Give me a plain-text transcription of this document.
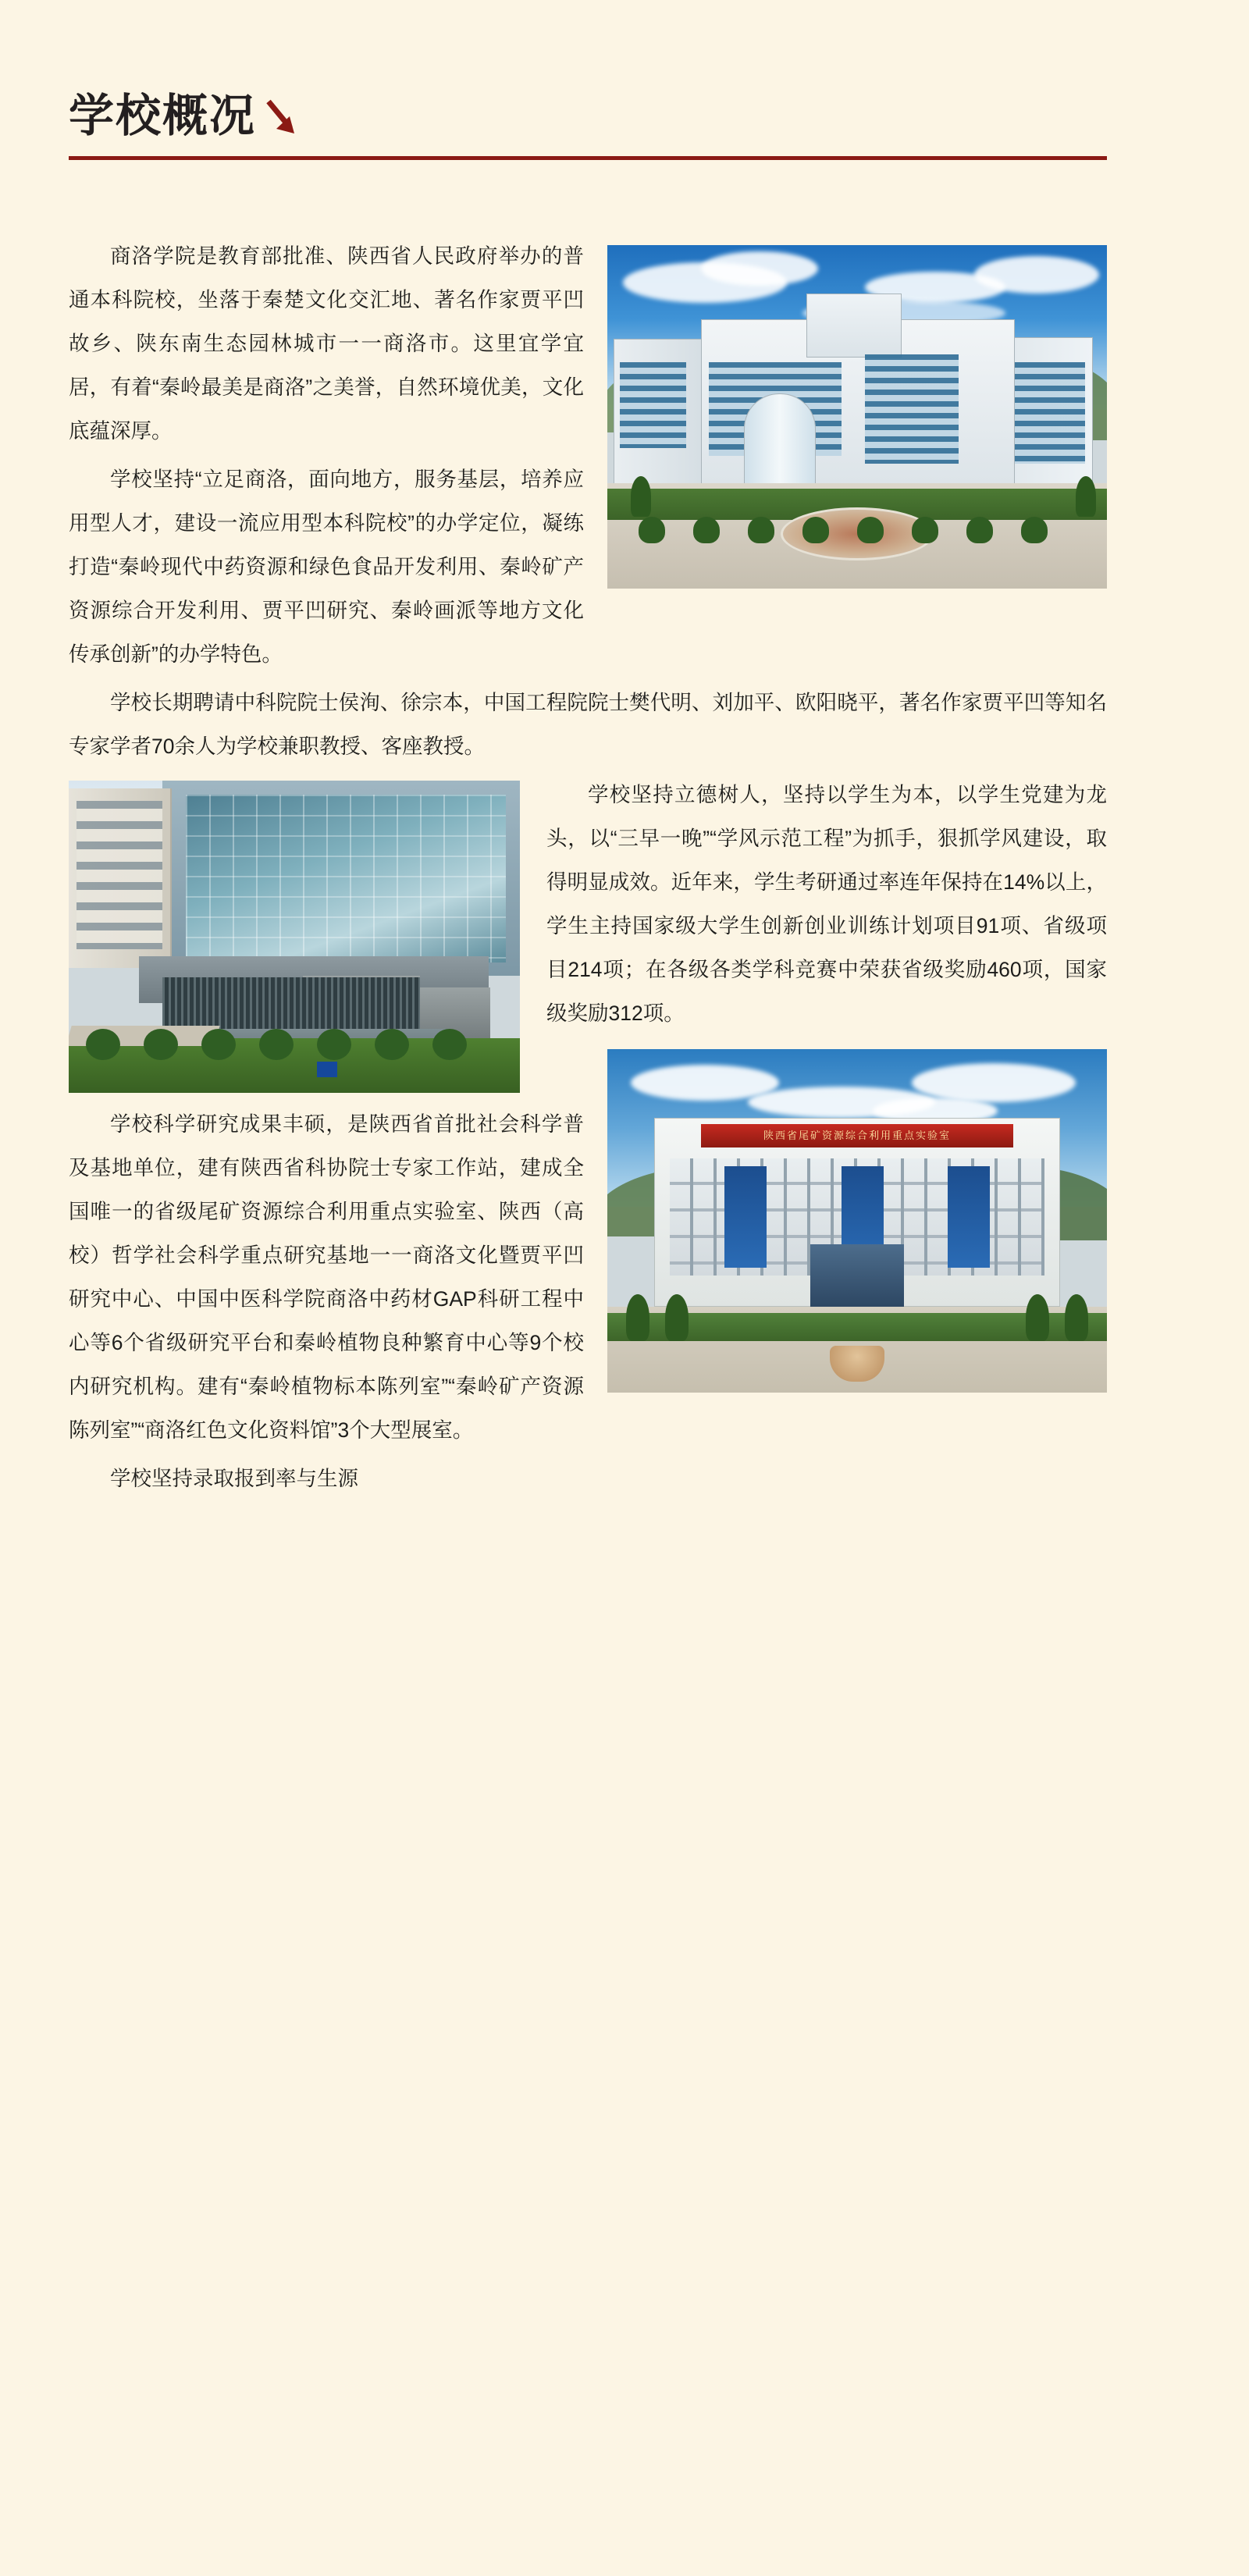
学校概况

商洛学院是教育部批准、陕西省人民政府举办的普通本科院校，坐落于秦楚文化交汇地、著名作家贾平凹故乡、陕东南生态园林城市一一商洛市。这里宜学宜居，有着“秦岭最美是商洛”之美誉，自然环境优美，文化底蕴深厚。

学校坚持“立足商洛，面向地方，服务基层，培养应用型人才，建设一流应用型本科院校”的办学定位，凝练打造“秦岭现代中药资源和绿色食品开发利用、秦岭矿产资源综合开发利用、贾平凹研究、秦岭画派等地方文化传承创新”的办学特色。

学校长期聘请中科院院士侯洵、徐宗本，中国工程院院士樊代明、刘加平、欧阳晓平，著名作家贾平凹等知名专家学者70余人为学校兼职教授、客座教授。

学校坚持立德树人，坚持以学生为本，以学生党建为龙头，以“三早一晚”“学风示范工程”为抓手，狠抓学风建设，取得明显成效。近年来，学生考研通过率连年保持在14%以上，学生主持国家级大学生创新创业训练计划项目91项、省级项目214项；在各级各类学科竞赛中荣获省级奖励460项，国家级奖励312项。

陕西省尾矿资源综合利用重点实验室

学校科学研究成果丰硕，是陕西省首批社会科学普及基地单位，建有陕西省科协院士专家工作站，建成全国唯一的省级尾矿资源综合利用重点实验室、陕西（高校）哲学社会科学重点研究基地一一商洛文化暨贾平凹研究中心、中国中医科学院商洛中药材GAP科研工程中心等6个省级研究平台和秦岭植物良种繁育中心等9个校内研究机构。建有“秦岭植物标本陈列室”“秦岭矿产资源陈列室”“商洛红色文化资料馆”3个大型展室。

学校坚持录取报到率与生源
